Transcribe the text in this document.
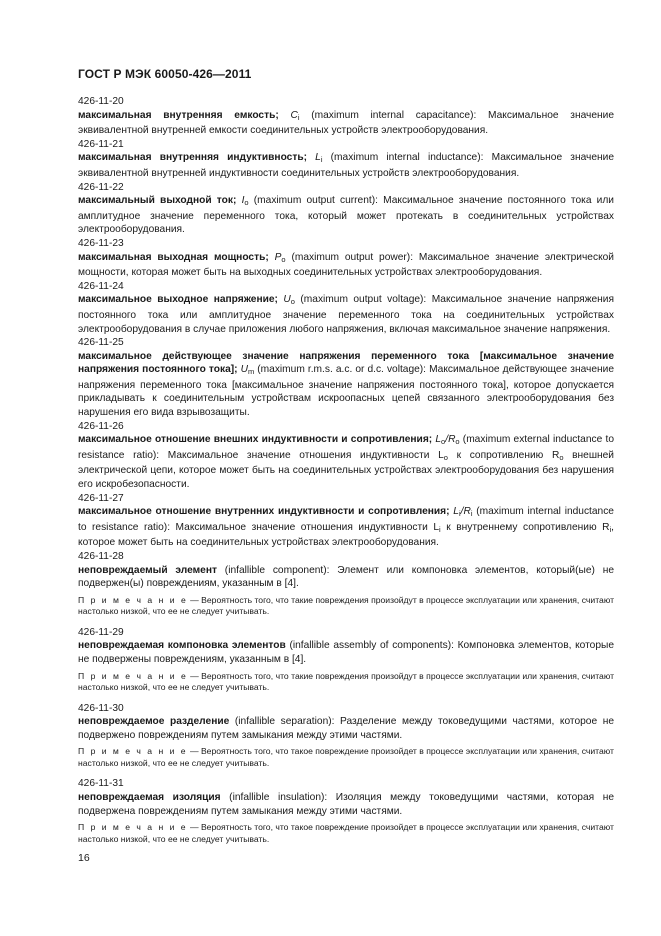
ГОСТ Р МЭК 60050-426—2011
426-11-20
максимальная внутренняя емкость; $C_i$ (maximum internal capacitance): Максимальное значение эквивалентной внутренней емкости соединительных устройств электрооборудования.
426-11-21
максимальная внутренняя индуктивность; $L_i$ (maximum internal inductance): Максимальное значение эквивалентной внутренней индуктивности соединительных устройств электрооборудования.
426-11-22
максимальный выходной ток; $I_o$ (maximum output current): Максимальное значение постоянного тока или амплитудное значение переменного тока, который может протекать в соединительных устройствах электрооборудования.
426-11-23
максимальная выходная мощность; $P_o$ (maximum output power): Максимальное значение электрической мощности, которая может быть на выходных соединительных устройствах электрооборудования.
426-11-24
максимальное выходное напряжение; $U_o$ (maximum output voltage): Максимальное значение напряжения постоянного тока или амплитудное значение переменного тока на соединительных устройствах электрооборудования в случае приложения любого напряжения, включая максимальное значение напряжения.
426-11-25
максимальное действующее значение напряжения переменного тока [максимальное значение напряжения постоянного тока]; $U_m$ (maximum r.m.s. a.c. or d.c. voltage): Максимальное действующее значение напряжения переменного тока [максимальное значение напряжения постоянного тока], которое допускается прикладывать к соединительным устройствам искроопасных цепей связанного электрооборудования без нарушения его вида взрывозащиты.
426-11-26
максимальное отношение внешних индуктивности и сопротивления; $L_o/R_o$ (maximum external inductance to resistance ratio): Максимальное значение отношения индуктивности $L_o$ к сопротивлению $R_o$ внешней электрической цепи, которое может быть на соединительных устройствах электрооборудования без нарушения его искробезопасности.
426-11-27
максимальное отношение внутренних индуктивности и сопротивления; $L_i/R_i$ (maximum internal inductance to resistance ratio): Максимальное значение отношения индуктивности $L_i$ к внутреннему сопротивлению $R_i$, которое может быть на соединительных устройствах электрооборудования.
426-11-28
неповреждаемый элемент (infallible component): Элемент или компоновка элементов, который(ые) не подвержен(ы) повреждениям, указанным в [4].
П р и м е ч а н и е — Вероятность того, что такие повреждения произойдут в процессе эксплуатации или хранения, считают настолько низкой, что ее не следует учитывать.
426-11-29
неповреждаемая компоновка элементов (infallible assembly of components): Компоновка элементов, которые не подвержены повреждениям, указанным в [4].
П р и м е ч а н и е — Вероятность того, что такие повреждения произойдут в процессе эксплуатации или хранения, считают настолько низкой, что ее не следует учитывать.
426-11-30
неповреждаемое разделение (infallible separation): Разделение между токоведущими частями, которое не подвержено повреждениям путем замыкания между этими частями.
П р и м е ч а н и е — Вероятность того, что такое повреждение произойдет в процессе эксплуатации или хранения, считают настолько низкой, что ее не следует учитывать.
426-11-31
неповреждаемая изоляция (infallible insulation): Изоляция между токоведущими частями, которая не подвержена повреждениям путем замыкания между этими частями.
П р и м е ч а н и е — Вероятность того, что такое повреждение произойдет в процессе эксплуатации или хранения, считают настолько низкой, что ее не следует учитывать.
16
